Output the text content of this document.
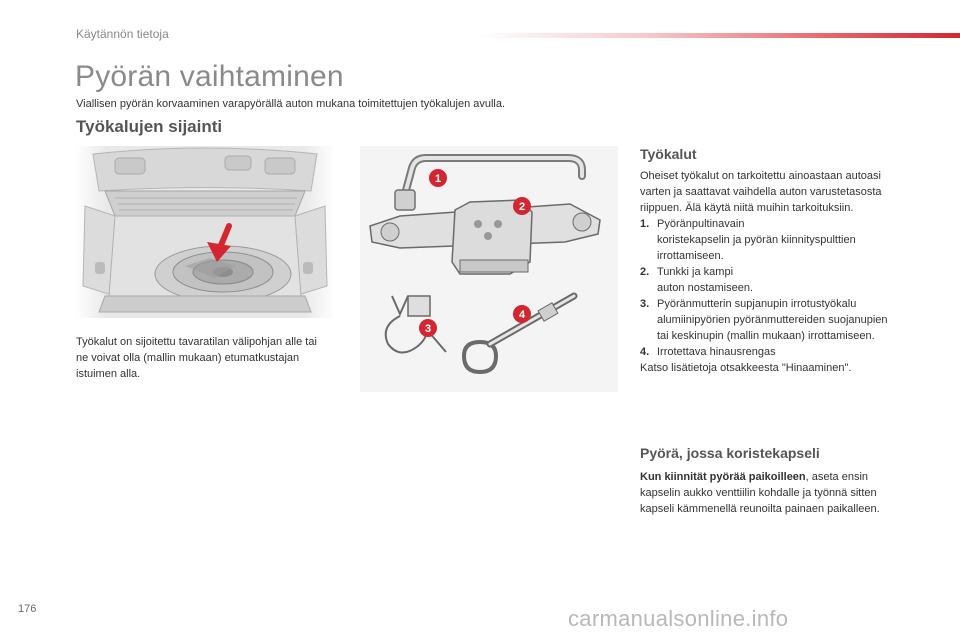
Käytännön tietoja
Pyörän vaihtaminen
Viallisen pyörän korvaaminen varapyörällä auton mukana toimitettujen työkalujen avulla.
Työkalujen sijainti
Työkalut on sijoitettu tavaratilan välipohjan alle tai ne voivat olla (mallin mukaan) etumatkustajan istuimen alla.
1
2
3
4
Työkalut

Oheiset työkalut on tarkoitettu ainoastaan autoasi varten ja saattavat vaihdella auton varustetasosta riippuen. Älä käytä niitä muihin tarkoituksiin.

1. Pyöränpultinavain
koristekapselin ja pyörän kiinnityspulttien irrottamiseen.
2. Tunkki ja kampi
auton nostamiseen.
3. Pyöränmutterin supjanupin irrotustyökalu
alumiinipyörien pyöränmuttereiden suojanupien tai keskinupin (mallin mukaan) irrottamiseen.
4. Irrotettava hinausrengas

Katso lisätietoja otsakkeesta "Hinaaminen".

Pyörä, jossa koristekapseli

Kun kiinnität pyörää paikoilleen, aseta ensin kapselin aukko venttiilin kohdalle ja työnnä sitten kapseli kämmenellä reunoilta painaen paikalleen.

176	carmanualsonline.info
